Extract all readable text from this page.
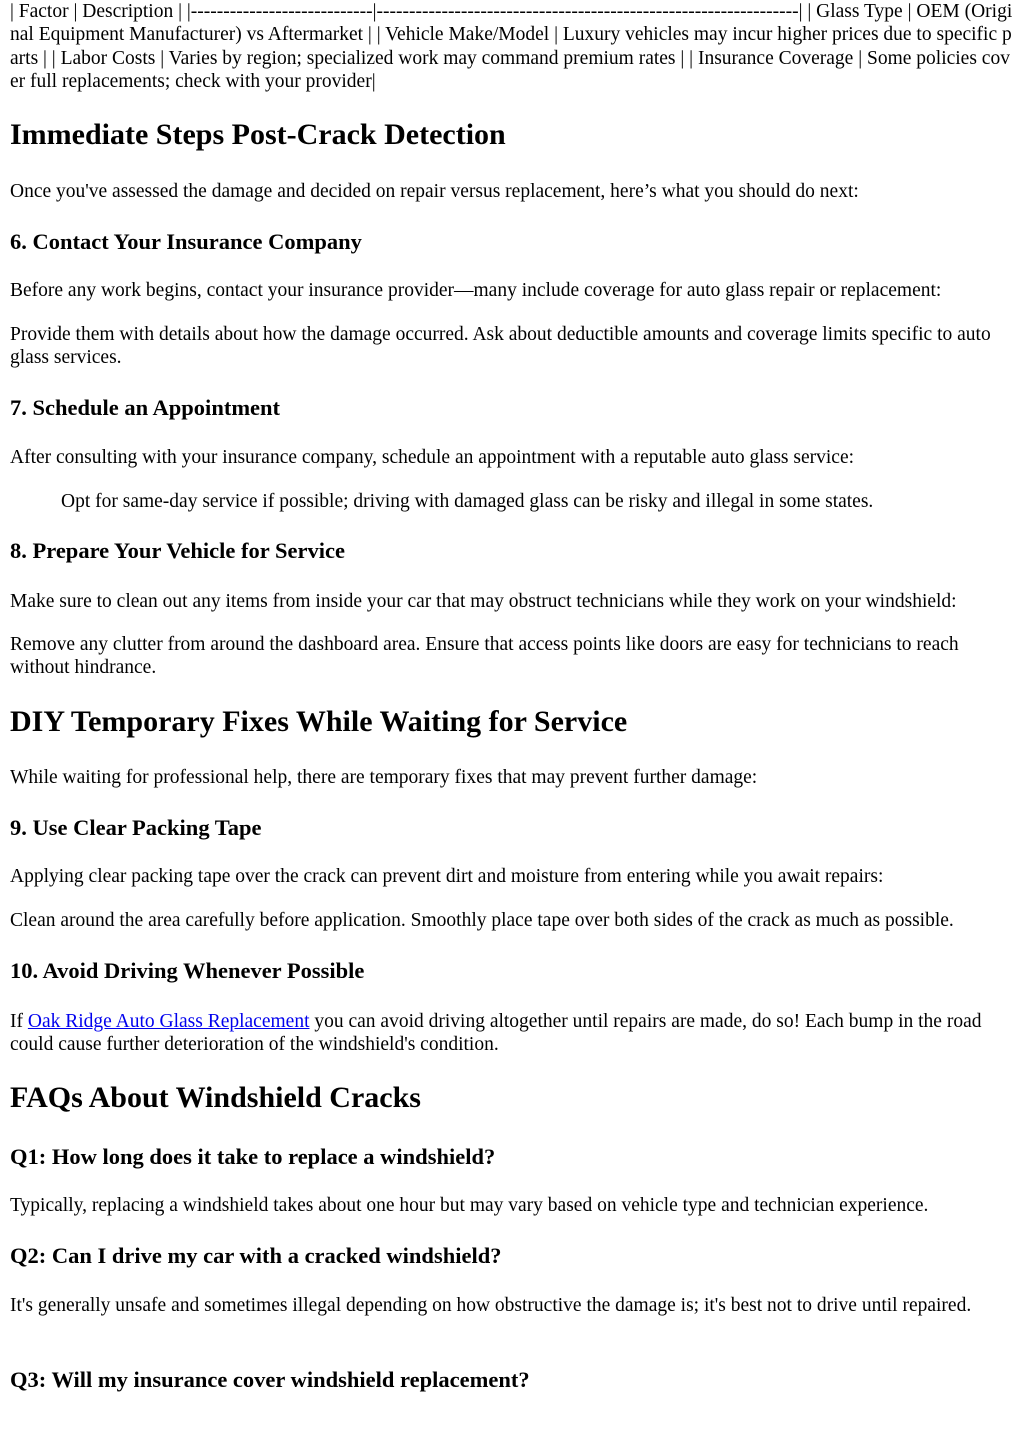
| Factor | Description | |----------------------------|-----------------------------------------------------------------| | Glass Type | OEM (Original Equipment Manufacturer) vs Aftermarket | | Vehicle Make/Model | Luxury vehicles may incur higher prices due to specific parts | | Labor Costs | Varies by region; specialized work may command premium rates | | Insurance Coverage | Some policies cover full replacements; check with your provider|

Immediate Steps Post-Crack Detection

Once you've assessed the damage and decided on repair versus replacement, here’s what you should do next:

6. Contact Your Insurance Company

Before any work begins, contact your insurance provider—many include coverage for auto glass repair or replacement:

Provide them with details about how the damage occurred. Ask about deductible amounts and coverage limits specific to auto glass services.

7. Schedule an Appointment

After consulting with your insurance company, schedule an appointment with a reputable auto glass service:

Opt for same-day service if possible; driving with damaged glass can be risky and illegal in some states.

8. Prepare Your Vehicle for Service

Make sure to clean out any items from inside your car that may obstruct technicians while they work on your windshield:

Remove any clutter from around the dashboard area. Ensure that access points like doors are easy for technicians to reach without hindrance.

DIY Temporary Fixes While Waiting for Service

While waiting for professional help, there are temporary fixes that may prevent further damage:

9. Use Clear Packing Tape

Applying clear packing tape over the crack can prevent dirt and moisture from entering while you await repairs:

Clean around the area carefully before application. Smoothly place tape over both sides of the crack as much as possible.

10. Avoid Driving Whenever Possible

If Oak Ridge Auto Glass Replacement you can avoid driving altogether until repairs are made, do so! Each bump in the road could cause further deterioration of the windshield's condition.

FAQs About Windshield Cracks
Q1: How long does it take to replace a windshield?

Typically, replacing a windshield takes about one hour but may vary based on vehicle type and technician experience.

Q2: Can I drive my car with a cracked windshield?

It's generally unsafe and sometimes illegal depending on how obstructive the damage is; it's best not to drive until repaired.

Q3: Will my insurance cover windshield replacement?
